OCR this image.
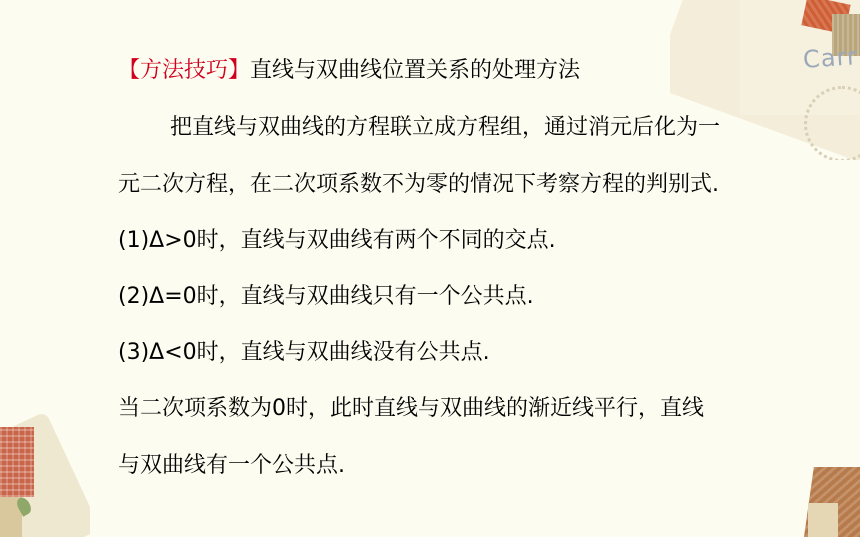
Carr
【方法技巧】直线与双曲线位置关系的处理方法
把直线与双曲线的方程联立成方程组，通过消元后化为一
元二次方程，在二次项系数不为零的情况下考察方程的判别式.
(1)Δ>0时，直线与双曲线有两个不同的交点.
(2)Δ=0时，直线与双曲线只有一个公共点.
(3)Δ<0时，直线与双曲线没有公共点.
当二次项系数为0时，此时直线与双曲线的渐近线平行，直线
与双曲线有一个公共点.
